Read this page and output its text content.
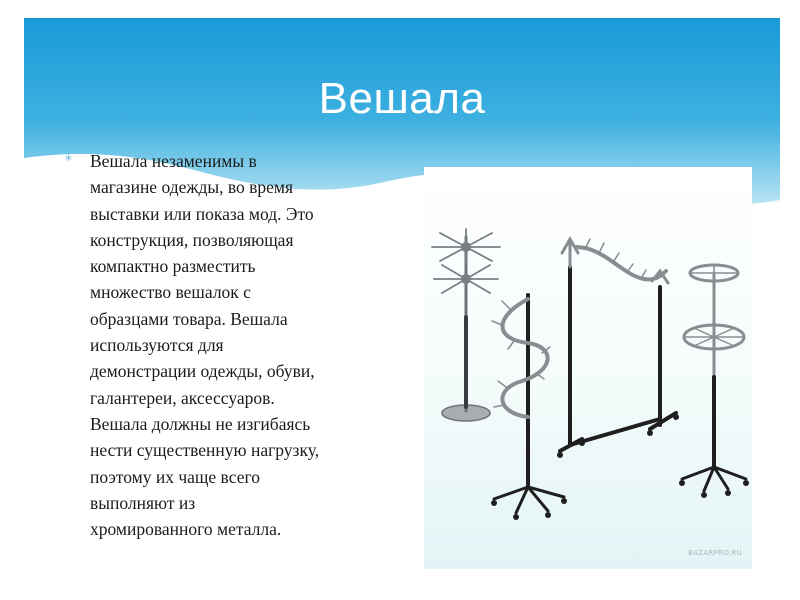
Вешала
* Вешала незаменимы в
магазине одежды, во время
выставки или показа мод. Это
конструкция, позволяющая
компактно разместить
множество вешалок с
образцами товара. Вешала
используются для
демонстрации одежды, обуви,
галантереи, аксессуаров.
Вешала должны не изгибаясь
нести существенную нагрузку,
поэтому их чаще всего
выполняют из
хромированного металла.

BAZARPRO.RU
